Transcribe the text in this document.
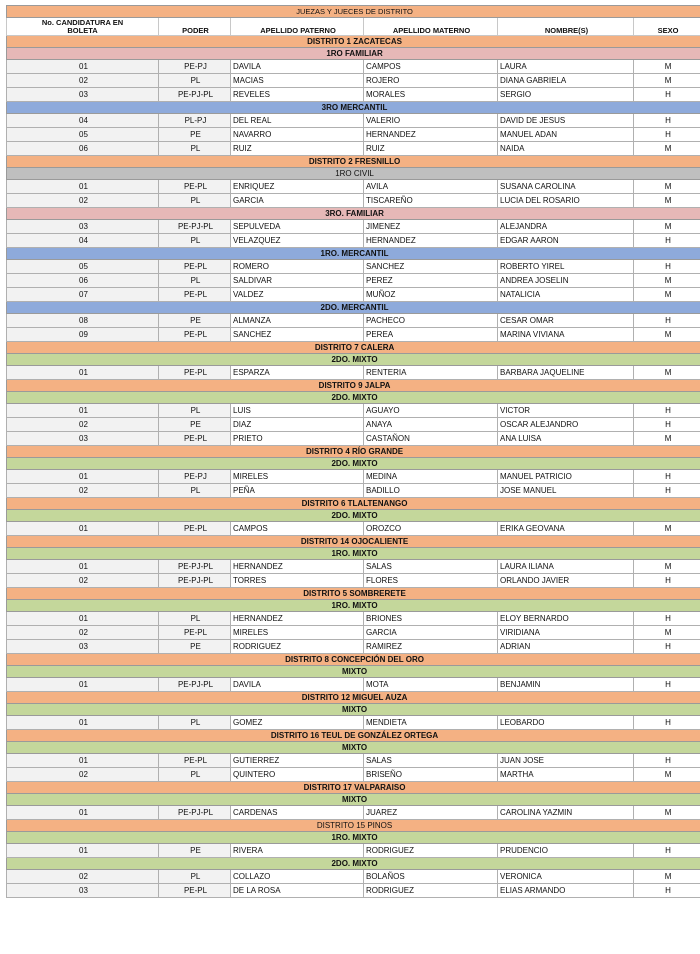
JUEZAS Y JUECES DE DISTRITO					
No. CANDIDATURA EN BOLETA	PODER	APELLIDO PATERNO	APELLIDO MATERNO	NOMBRE(S)	SEXO
DISTRITO 1 ZACATECAS					
1RO FAMILIAR					
01	PE-PJ	DAVILA	CAMPOS	LAURA	M
02	PL	MACIAS	ROJERO	DIANA GABRIELA	M
03	PE-PJ-PL	REVELES	MORALES	SERGIO	H
3RO MERCANTIL					
04	PL-PJ	DEL REAL	VALERIO	DAVID DE JESUS	H
05	PE	NAVARRO	HERNANDEZ	MANUEL ADAN	H
06	PL	RUIZ	RUIZ	NAIDA	M
DISTRITO 2 FRESNILLO					
1RO CIVIL					
01	PE-PL	ENRIQUEZ	AVILA	SUSANA CAROLINA	M
02	PL	GARCIA	TISCAREÑO	LUCIA DEL ROSARIO	M
3RO. FAMILIAR					
03	PE-PJ-PL	SEPULVEDA	JIMENEZ	ALEJANDRA	M
04	PL	VELAZQUEZ	HERNANDEZ	EDGAR AARON	H
1RO. MERCANTIL					
05	PE-PL	ROMERO	SANCHEZ	ROBERTO YIREL	H
06	PL	SALDIVAR	PEREZ	ANDREA JOSELIN	M
07	PE-PL	VALDEZ	MUÑOZ	NATALICIA	M
2DO. MERCANTIL					
08	PE	ALMANZA	PACHECO	CESAR OMAR	H
09	PE-PL	SANCHEZ	PEREA	MARINA VIVIANA	M
DISTRITO 7 CALERA					
2DO. MIXTO					
01	PE-PL	ESPARZA	RENTERIA	BARBARA JAQUELINE	M
DISTRITO 9 JALPA					
2DO. MIXTO					
01	PL	LUIS	AGUAYO	VICTOR	H
02	PE	DIAZ	ANAYA	OSCAR ALEJANDRO	H
03	PE-PL	PRIETO	CASTAÑON	ANA LUISA	M
DISTRITO 4 RÍO GRANDE					
2DO. MIXTO					
01	PE-PJ	MIRELES	MEDINA	MANUEL PATRICIO	H
02	PL	PEÑA	BADILLO	JOSE MANUEL	H
DISTRITO 6 TLALTENANGO					
2DO. MIXTO					
01	PE-PL	CAMPOS	OROZCO	ERIKA GEOVANA	M
DISTRITO 14 OJOCALIENTE					
1RO. MIXTO					
01	PE-PJ-PL	HERNANDEZ	SALAS	LAURA ILIANA	M
02	PE-PJ-PL	TORRES	FLORES	ORLANDO JAVIER	H
DISTRITO 5 SOMBRERETE					
1RO. MIXTO					
01	PL	HERNANDEZ	BRIONES	ELOY BERNARDO	H
02	PE-PL	MIRELES	GARCIA	VIRIDIANA	M
03	PE	RODRIGUEZ	RAMIREZ	ADRIAN	H
DISTRITO 8 CONCEPCIÓN DEL ORO					
MIXTO					
01	PE-PJ-PL	DAVILA	MOTA	BENJAMIN	H
DISTRITO 12 MIGUEL AUZA					
MIXTO					
01	PL	GOMEZ	MENDIETA	LEOBARDO	H
DISTRITO 16 TEUL DE GONZÁLEZ ORTEGA					
MIXTO					
01	PE-PL	GUTIERREZ	SALAS	JUAN JOSE	H
02	PL	QUINTERO	BRISEÑO	MARTHA	M
DISTRITO 17 VALPARAISO					
MIXTO					
01	PE-PJ-PL	CARDENAS	JUAREZ	CAROLINA YAZMIN	M
DISTRITO 15 PINOS					
1RO. MIXTO					
01	PE	RIVERA	RODRIGUEZ	PRUDENCIO	H
2DO. MIXTO					
02	PL	COLLAZO	BOLAÑOS	VERONICA	M
03	PE-PL	DE LA ROSA	RODRIGUEZ	ELIAS ARMANDO	H
